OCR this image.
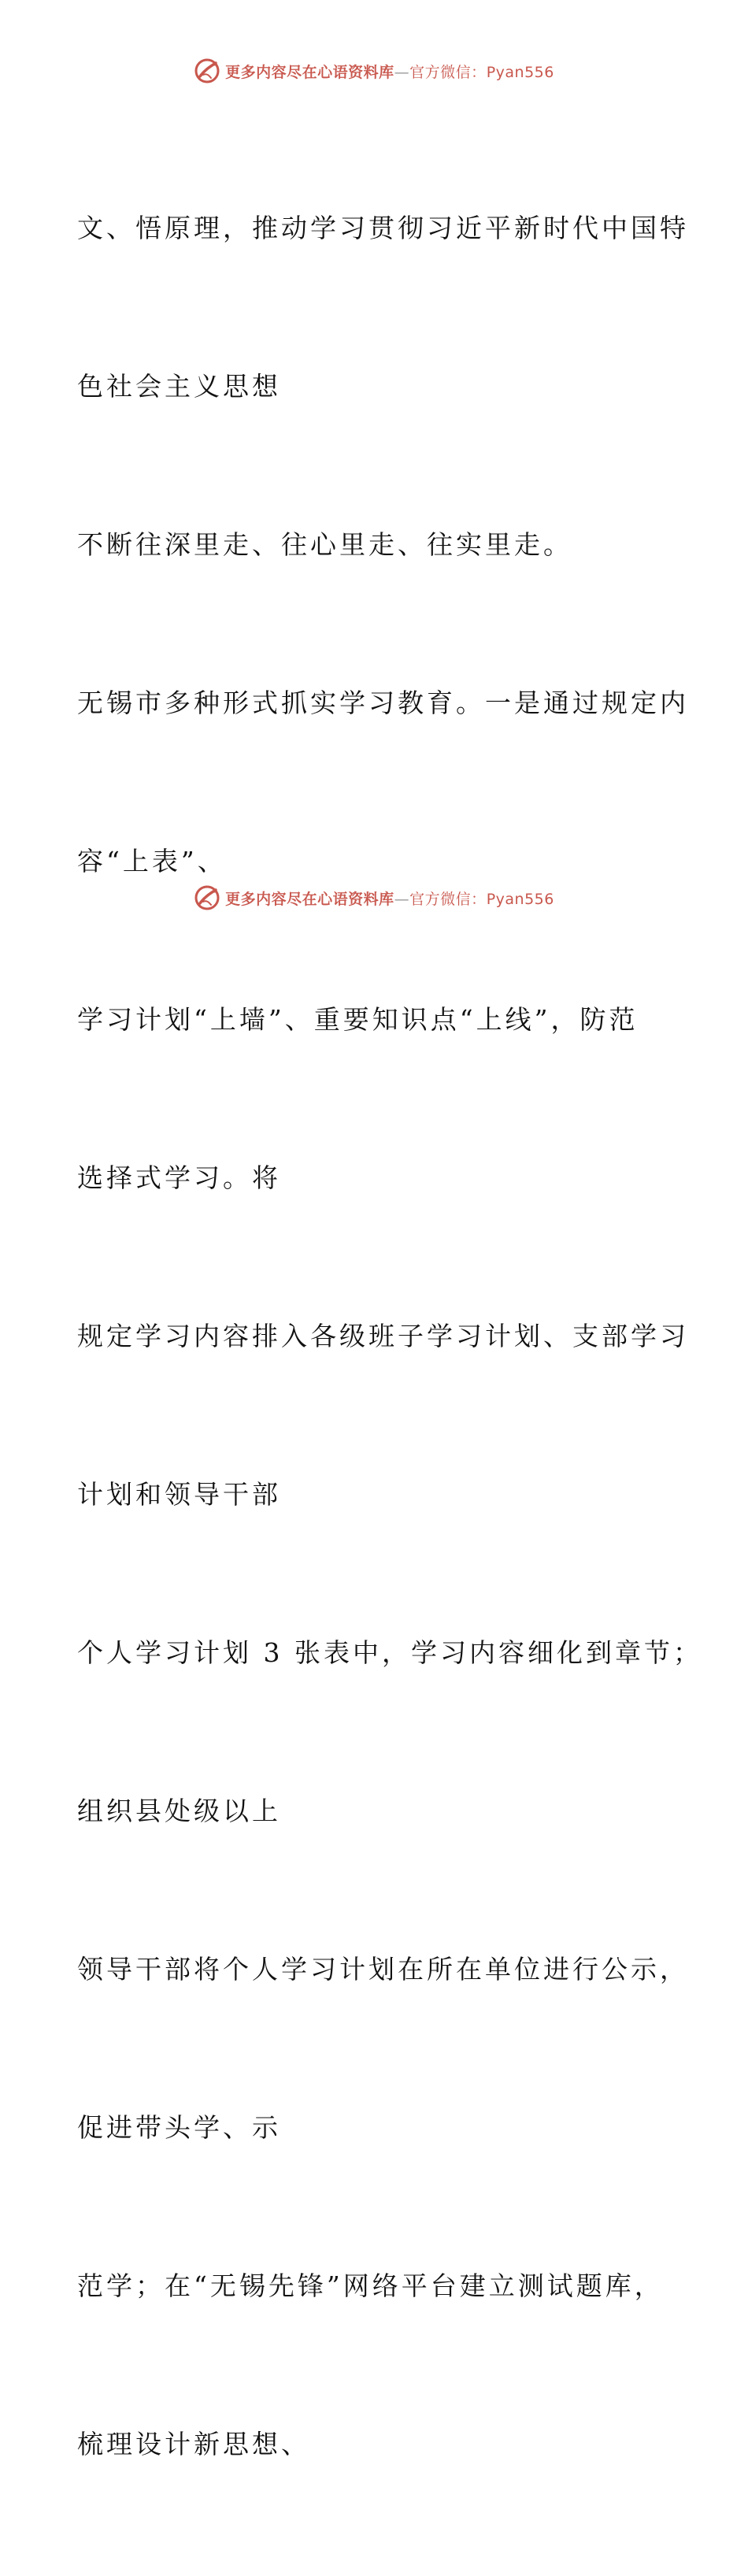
更多内容尽在心语资料库—官方微信：Pyan556

文、悟原理，推动学习贯彻习近平新时代中国特

色社会主义思想

不断往深里走、往心里走、往实里走。

无锡市多种形式抓实学习教育。一是通过规定内

容“上表”、

学习计划“上墙”、重要知识点“上线”，防范

选择式学习。将

规定学习内容排入各级班子学习计划、支部学习

计划和领导干部

个人学习计划 3 张表中，学习内容细化到章节；

组织县处级以上

领导干部将个人学习计划在所在单位进行公示，

促进带头学、示

范学；在“无锡先锋”网络平台建立测试题库，

梳理设计新思想、

更多内容尽在心语资料库—官方微信：Pyan556
